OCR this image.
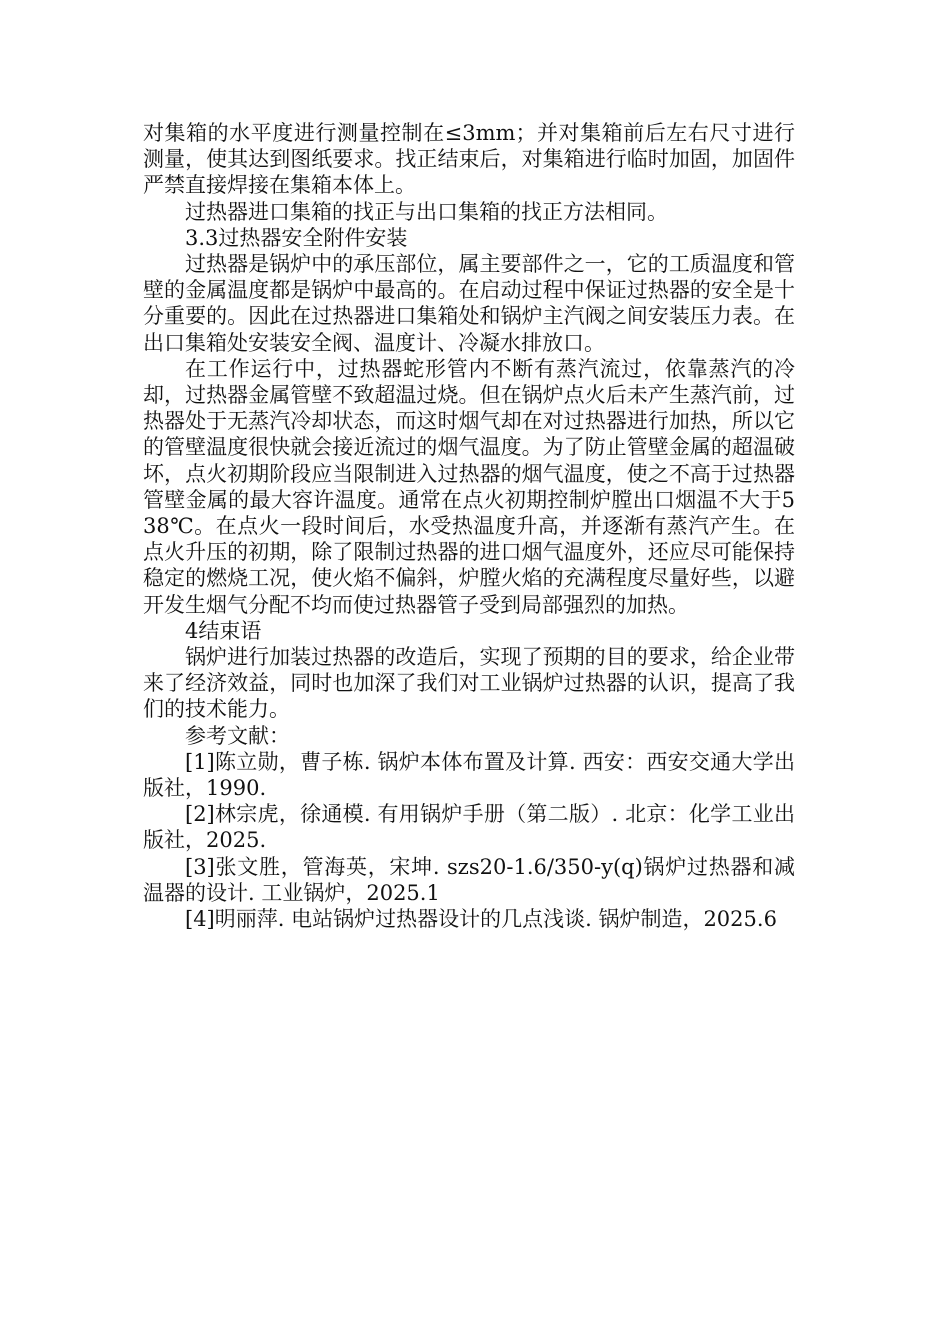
对集箱的水平度进行测量控制在≤3mm；并对集箱前后左右尺寸进行测量，使其达到图纸要求。找正结束后，对集箱进行临时加固，加固件严禁直接焊接在集箱本体上。

过热器进口集箱的找正与出口集箱的找正方法相同。

3.3过热器安全附件安装

过热器是锅炉中的承压部位，属主要部件之一，它的工质温度和管壁的金属温度都是锅炉中最高的。在启动过程中保证过热器的安全是十分重要的。因此在过热器进口集箱处和锅炉主汽阀之间安装压力表。在出口集箱处安装安全阀、温度计、冷凝水排放口。

在工作运行中，过热器蛇形管内不断有蒸汽流过，依靠蒸汽的冷却，过热器金属管壁不致超温过烧。但在锅炉点火后未产生蒸汽前，过热器处于无蒸汽冷却状态，而这时烟气却在对过热器进行加热，所以它的管壁温度很快就会接近流过的烟气温度。为了防止管壁金属的超温破坏，点火初期阶段应当限制进入过热器的烟气温度，使之不高于过热器管壁金属的最大容许温度。通常在点火初期控制炉膛出口烟温不大于538℃。在点火一段时间后，水受热温度升高，并逐渐有蒸汽产生。在点火升压的初期，除了限制过热器的进口烟气温度外，还应尽可能保持稳定的燃烧工况，使火焰不偏斜，炉膛火焰的充满程度尽量好些，以避开发生烟气分配不均而使过热器管子受到局部强烈的加热。

4结束语

锅炉进行加装过热器的改造后，实现了预期的目的要求，给企业带来了经济效益，同时也加深了我们对工业锅炉过热器的认识，提高了我们的技术能力。

参考文献：

[1]陈立勋，曹子栋. 锅炉本体布置及计算. 西安：西安交通大学出版社，1990.

[2]林宗虎，徐通模. 有用锅炉手册（第二版）. 北京：化学工业出版社，2025.

[3]张文胜，管海英，宋坤. szs20-1.6/350-y(q)锅炉过热器和减温器的设计. 工业锅炉，2025.1

[4]明丽萍. 电站锅炉过热器设计的几点浅谈. 锅炉制造，2025.6
